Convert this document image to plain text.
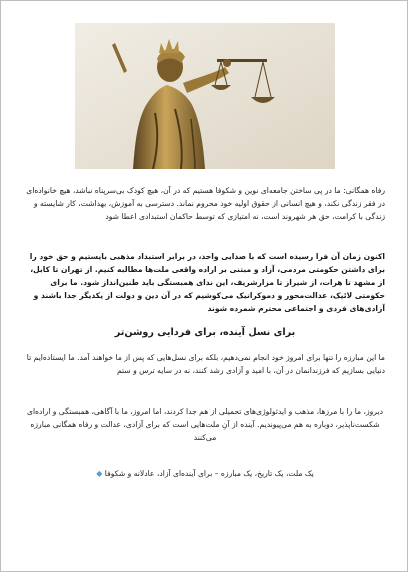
رفاه همگانی: ما در پی ساختن جامعه‌ای نوین و شکوفا هستیم که در آن، هیچ کودک بی‌سرپناه نباشد، هیچ خانواده‌ای در فقر زندگی نکند، و هیچ انسانی از حقوق اولیه خود محروم نماند. دسترسی به آموزش، بهداشت، کار شایسته و زندگی با کرامت، حق هر شهروند است، نه امتیازی که توسط حاکمان استبدادی اعطا شود
اکنون زمان آن فرا رسیده است که با صدایی واحد، در برابر استبداد مذهبی بایستیم و حق خود را برای داشتن حکومتی مردمی، آزاد و مبتنی بر اراده واقعی ملت‌ها مطالبه کنیم. از تهران تا کابل، از مشهد تا هرات، از شیراز تا مزارشریف، این ندای همبستگی باید طنین‌انداز شود. ما برای حکومتی لائیک، عدالت‌محور و دموکراتیک می‌کوشیم که در آن دین و دولت از یکدیگر جدا باشند و آزادی‌های فردی و اجتماعی محترم شمرده شوند
برای نسل آینده، برای فردایی روشن‌تر
ما این مبارزه را تنها برای امروز خود انجام نمی‌دهیم، بلکه برای نسل‌هایی که پس از ما خواهند آمد. ما ایستاده‌ایم تا دنیایی بسازیم که فرزندانمان در آن، با امید و آزادی رشد کنند، نه در سایه ترس و ستم
دیروز، ما را با مرزها، مذهب و ایدئولوژی‌های تحمیلی از هم جدا کردند، اما امروز، ما با آگاهی، همبستگی و اراده‌ای شکست‌ناپذیر، دوباره به هم می‌پیوندیم. آینده از آنِ ملت‌هایی است که برای آزادی، عدالت و رفاه همگانی مبارزه می‌کنند
یک ملت، یک تاریخ، یک مبارزه – برای آینده‌ای آزاد، عادلانه و شکوفا ◆
